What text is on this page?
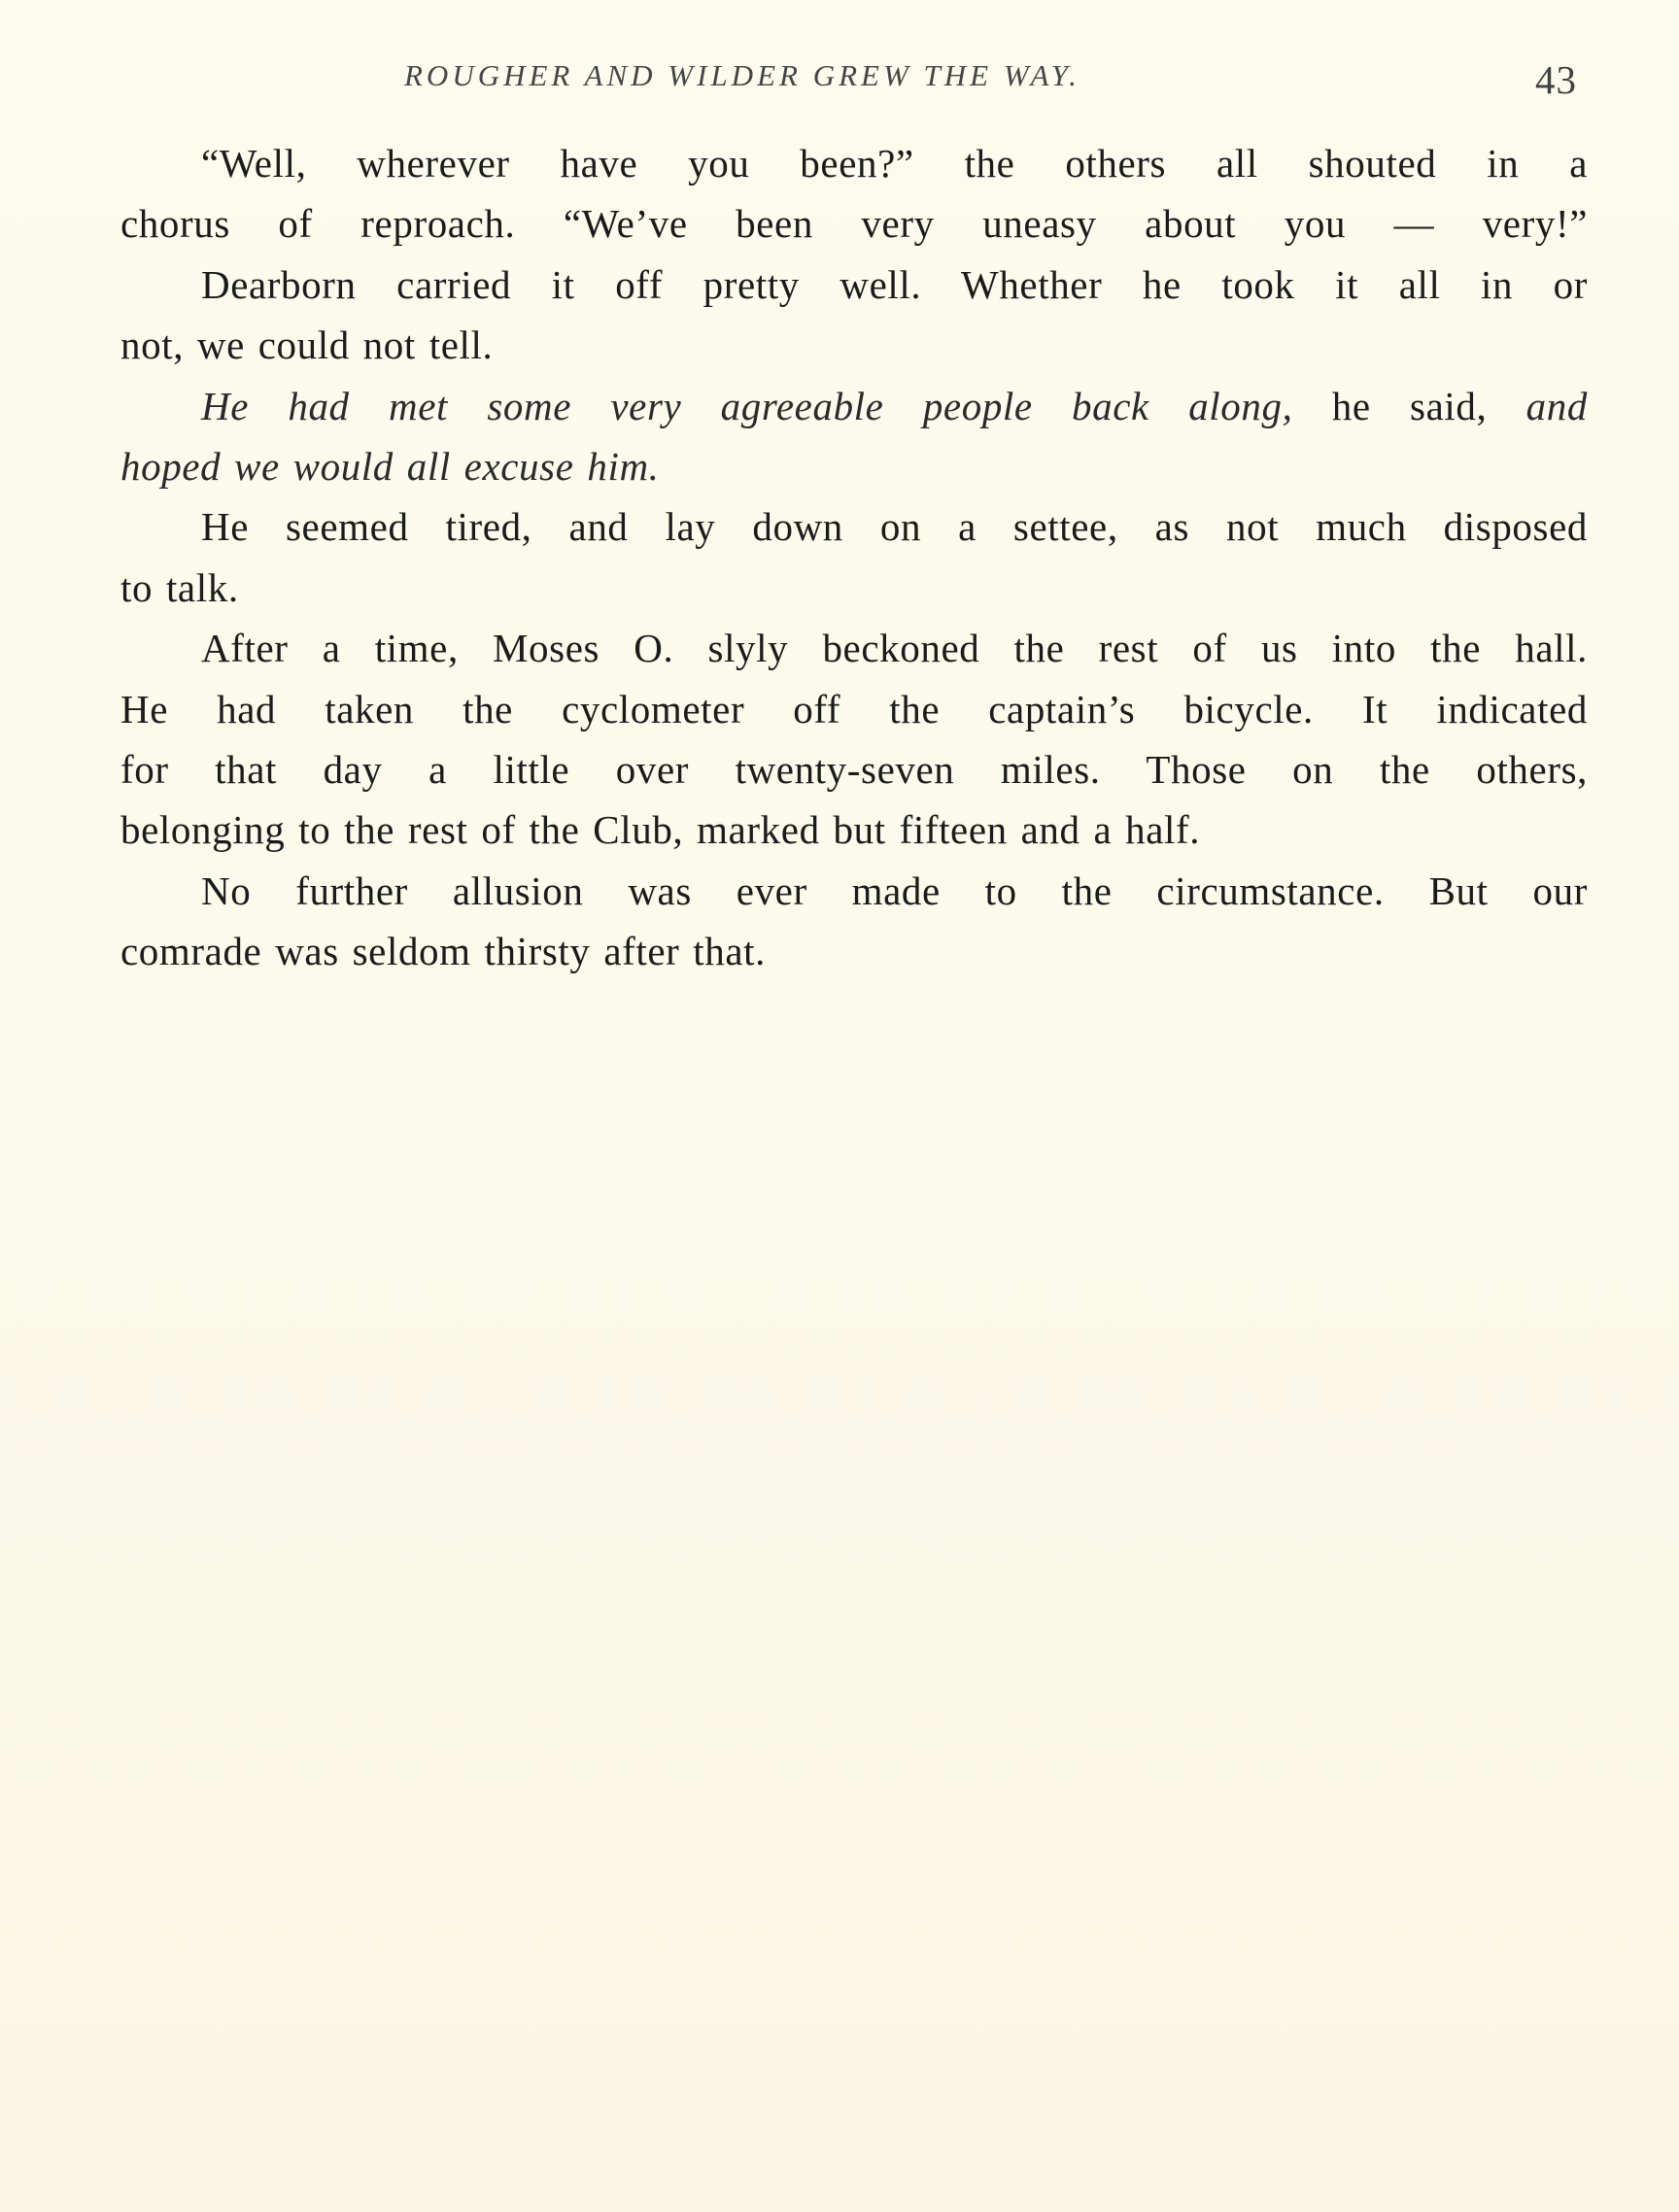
ROUGHER AND WILDER GREW THE WAY.	43
“Well, wherever have you been?” the others all shouted in a
chorus of reproach. “We’ve been very uneasy about you — very!”
Dearborn carried it off pretty well. Whether he took it all in or
not, we could not tell.
He had met some very agreeable people back along, he said, and
hoped we would all excuse him.
He seemed tired, and lay down on a settee, as not much disposed
to talk.
After a time, Moses O. slyly beckoned the rest of us into the hall.
He had taken the cyclometer off the captain’s bicycle. It indicated
for that day a little over twenty-seven miles. Those on the others,
belonging to the rest of the Club, marked but fifteen and a half.
No further allusion was ever made to the circumstance. But our
comrade was seldom thirsty after that.
